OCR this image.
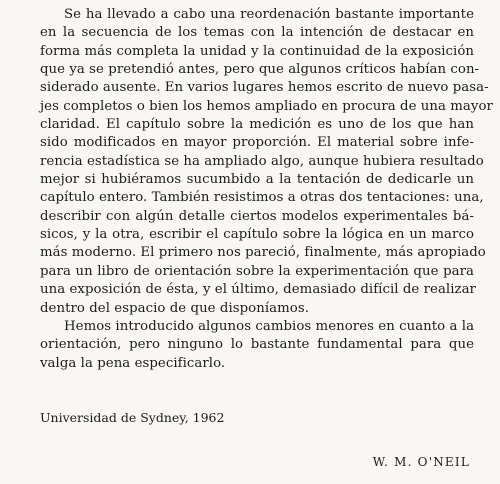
Se ha llevado a cabo una reordenación bastante importante
en la secuencia de los temas con la intención de destacar en
forma más completa la unidad y la continuidad de la exposición
que ya se pretendió antes, pero que algunos críticos habían con-
siderado ausente. En varios lugares hemos escrito de nuevo pasa-
jes completos o bien los hemos ampliado en procura de una mayor
claridad. El capítulo sobre la medición es uno de los que han
sido modificados en mayor proporción. El material sobre infe-
rencia estadística se ha ampliado algo, aunque hubiera resultado
mejor si hubiéramos sucumbido a la tentación de dedicarle un
capítulo entero. También resistimos a otras dos tentaciones: una,
describir con algún detalle ciertos modelos experimentales bá-
sicos, y la otra, escribir el capítulo sobre la lógica en un marco
más moderno. El primero nos pareció, finalmente, más apropiado
para un libro de orientación sobre la experimentación que para
una exposición de ésta, y el último, demasiado difícil de realizar
dentro del espacio de que disponíamos.
Hemos introducido algunos cambios menores en cuanto a la
orientación, pero ninguno lo bastante fundamental para que
valga la pena especificarlo.
Universidad de Sydney, 1962
W. M. O'NEIL
